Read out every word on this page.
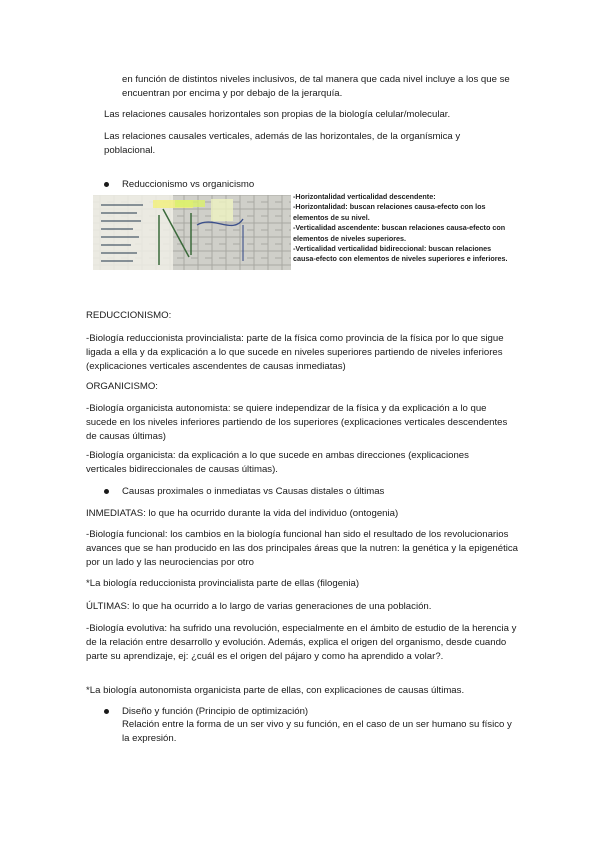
en función de distintos niveles inclusivos, de tal manera que cada nivel incluye a los que se encuentran por encima y por debajo de la jerarquía.

Las relaciones causales horizontales son propias de la biología celular/molecular.

Las relaciones causales verticales, además de las horizontales, de la organísmica y poblacional.

Reduccionismo vs organicismo
-Horizontalidad verticalidad descendente:
-Horizontalidad: buscan relaciones causa-efecto con los elementos de su nivel.
-Verticalidad ascendente: buscan relaciones causa-efecto con elementos de niveles superiores.
-Verticalidad verticalidad bidireccional: buscan relaciones causa-efecto con elementos de niveles superiores e inferiores.

REDUCCIONISMO:

-Biología reduccionista provincialista: parte de la física como provincia de la física por lo que sigue ligada a ella y da explicación a lo que sucede en niveles superiores partiendo de niveles inferiores (explicaciones verticales ascendentes de causas inmediatas)

ORGANICISMO:

-Biología organicista autonomista: se quiere independizar de la física y da explicación a lo que sucede en los niveles inferiores partiendo de los superiores (explicaciones verticales descendentes de causas últimas)

-Biología organicista: da explicación a lo que sucede en ambas direcciones (explicaciones verticales bidireccionales de causas últimas).

Causas proximales o inmediatas vs Causas distales o últimas

INMEDIATAS: lo que ha ocurrido durante la vida del individuo (ontogenia)

-Biología funcional: los cambios en la biología funcional han sido el resultado de los revolucionarios avances que se han producido en las dos principales áreas que la nutren: la genética y la epigenética por un lado y las neurociencias por otro

*La biología reduccionista provincialista parte de ellas (filogenia)

ÚLTIMAS: lo que ha ocurrido a lo largo de varias generaciones de una población.

-Biología evolutiva: ha sufrido una revolución, especialmente en el ámbito de estudio de la herencia y de la relación entre desarrollo y evolución. Además, explica el origen del organismo, desde cuando parte su aprendizaje, ej: ¿cuál es el origen del pájaro y como ha aprendido a volar?.

*La biología autonomista organicista parte de ellas, con explicaciones de causas últimas.

Diseño y función (Principio de optimización)

Relación entre la forma de un ser vivo y su función, en el caso de un ser humano su físico y la expresión.
